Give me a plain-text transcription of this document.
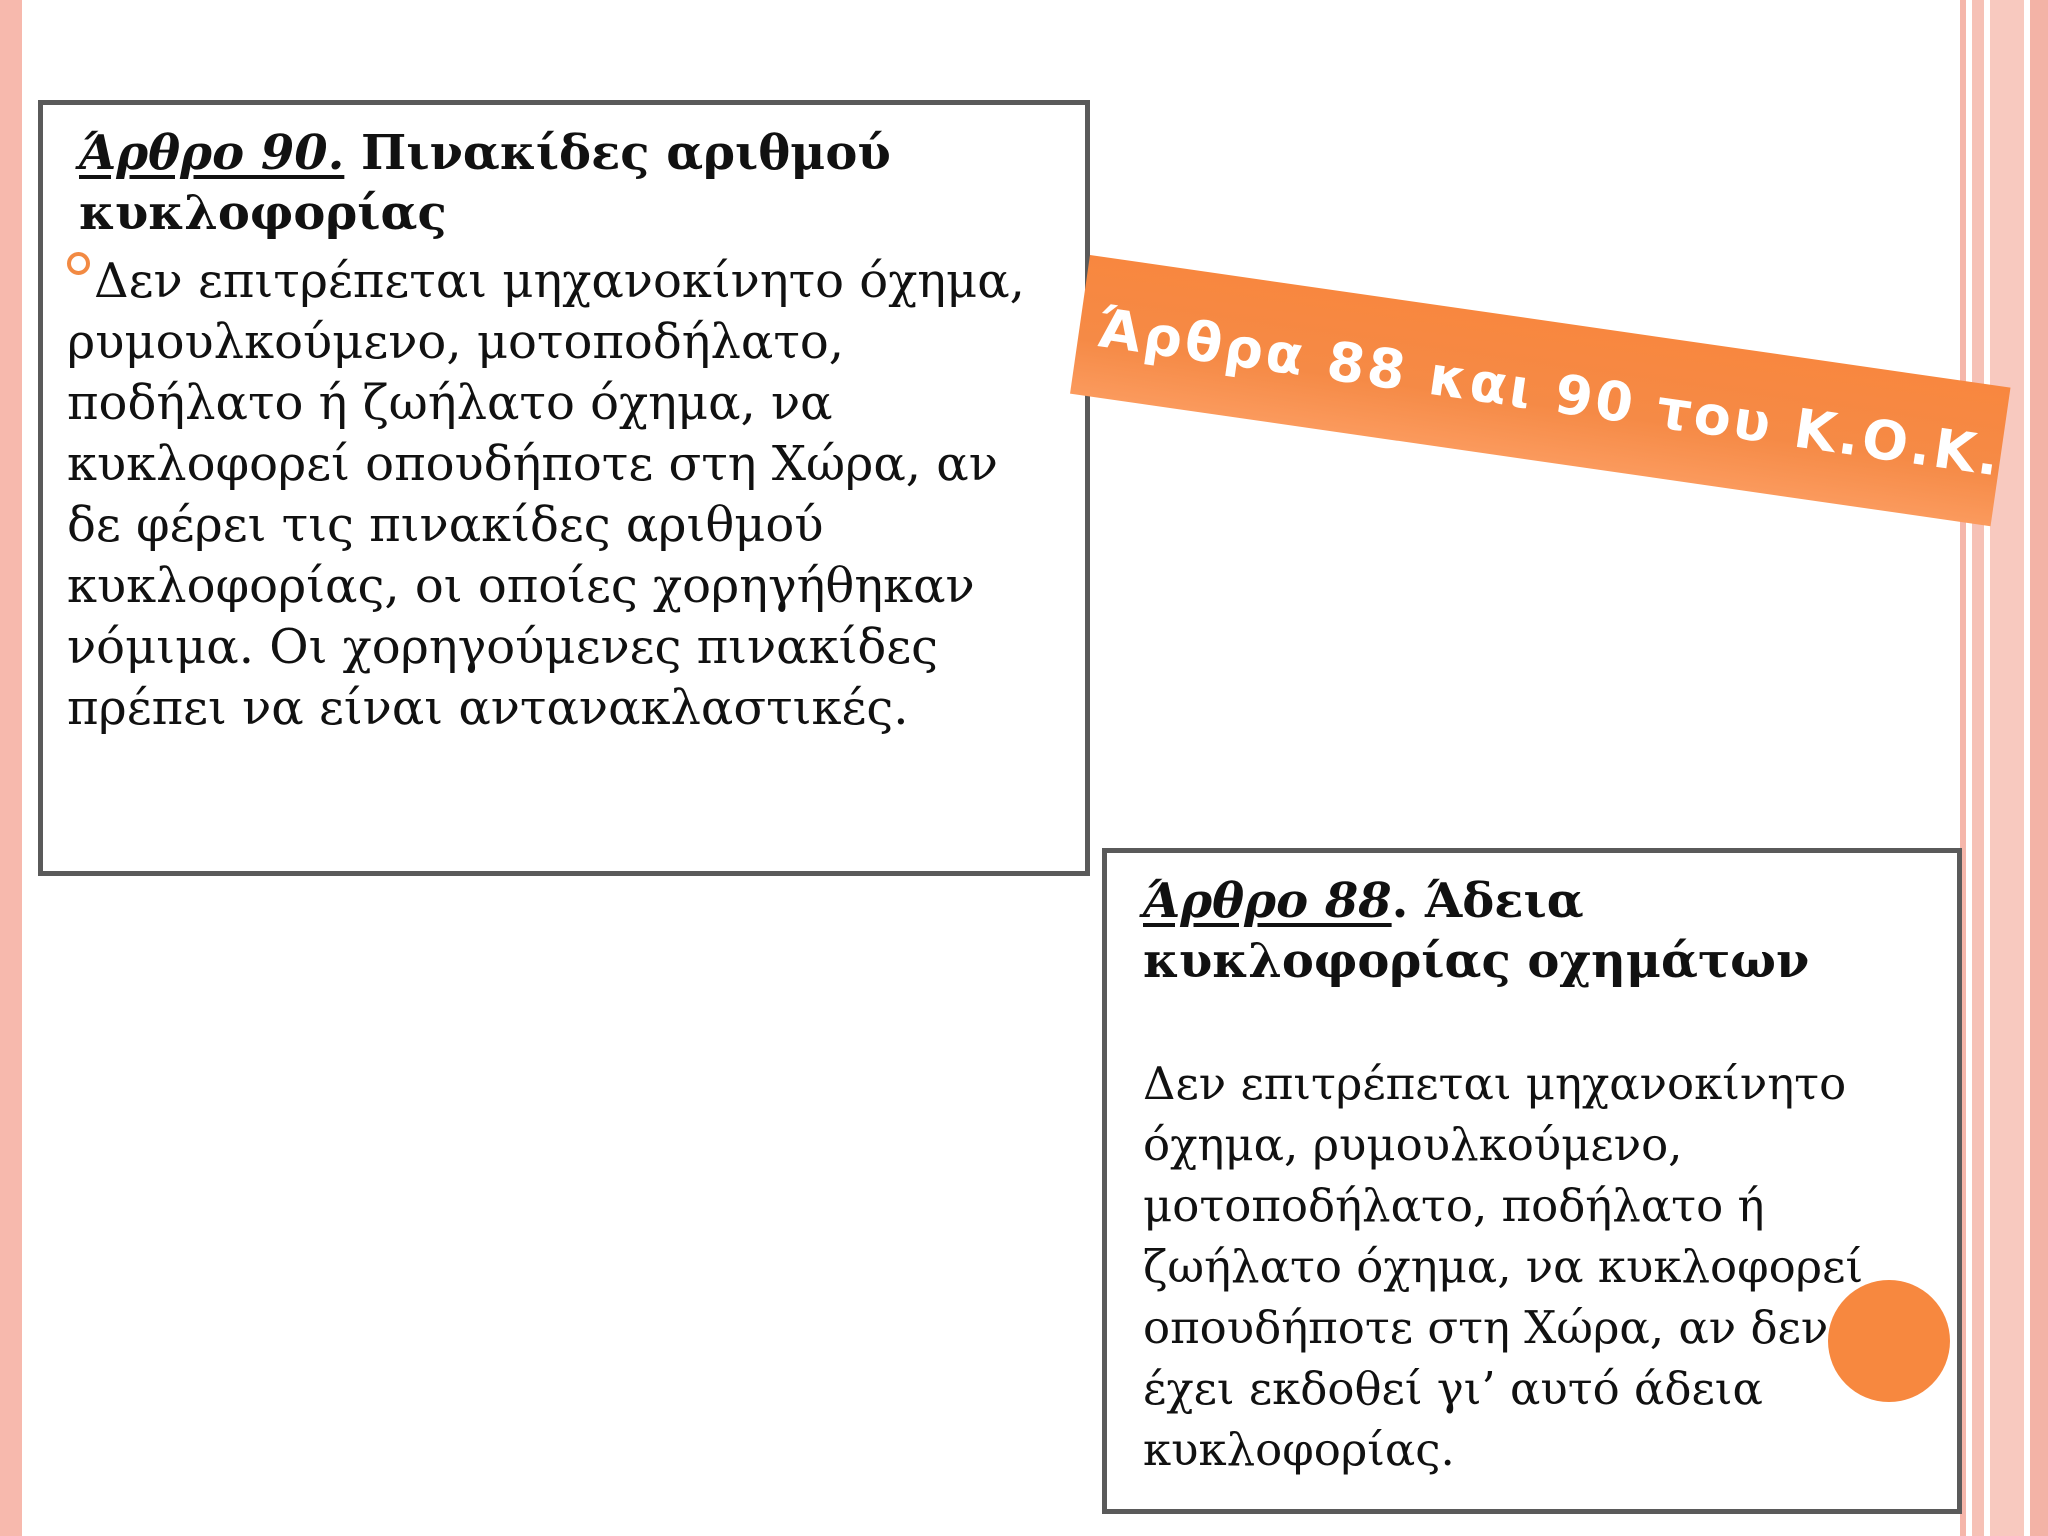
Άρθρο 90. Πινακίδες αριθμού κυκλοφορίας

Δεν επιτρέπεται μηχανοκίνητο όχημα, ρυμουλκούμενο, μοτοποδήλατο, ποδήλατο ή ζωήλατο όχημα, να κυκλοφορεί οπουδήποτε στη Χώρα, αν δε φέρει τις πινακίδες αριθμού κυκλοφορίας, οι οποίες χορηγήθηκαν νόμιμα. Οι χορηγούμενες πινακίδες πρέπει να είναι αντανακλαστικές.

Άρθρα 88 και 90 του Κ.Ο.Κ.

Άρθρο 88. Άδεια κυκλοφορίας οχημάτων

Δεν επιτρέπεται μηχανοκίνητο όχημα, ρυμουλκούμενο, μοτοποδήλατο, ποδήλατο ή ζωήλατο όχημα, να κυκλοφορεί οπουδήποτε στη Χώρα, αν δεν έχει εκδοθεί γι’ αυτό άδεια κυκλοφορίας.
